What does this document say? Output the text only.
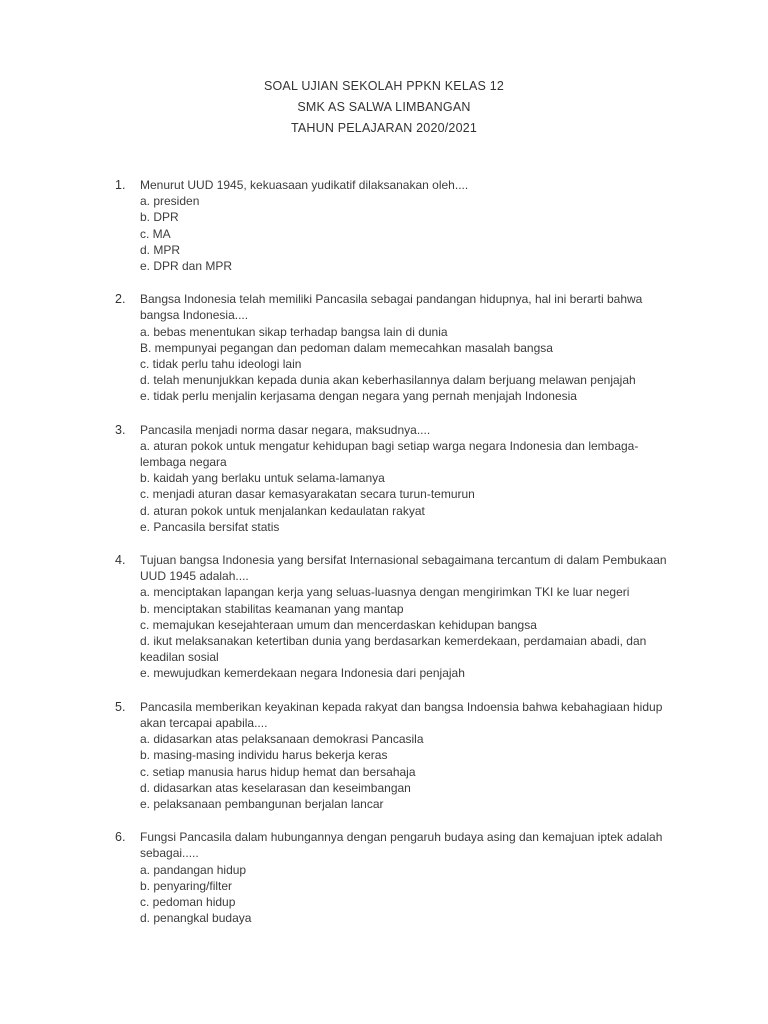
SOAL UJIAN SEKOLAH PPKN KELAS 12
SMK AS SALWA LIMBANGAN
TAHUN PELAJARAN 2020/2021
1. Menurut UUD 1945, kekuasaan yudikatif dilaksanakan oleh....
a. presiden
b. DPR
c. MA
d. MPR
e. DPR dan MPR
2. Bangsa Indonesia telah memiliki Pancasila sebagai pandangan hidupnya, hal ini berarti bahwa bangsa Indonesia....
a. bebas menentukan sikap terhadap bangsa lain di dunia
B. mempunyai pegangan dan pedoman dalam memecahkan masalah bangsa
c. tidak perlu tahu ideologi lain
d. telah menunjukkan kepada dunia akan keberhasilannya dalam berjuang melawan penjajah
e. tidak perlu menjalin kerjasama dengan negara yang pernah menjajah Indonesia
3. Pancasila menjadi norma dasar negara, maksudnya....
a. aturan pokok untuk mengatur kehidupan bagi setiap warga negara Indonesia dan lembaga-lembaga negara
b. kaidah yang berlaku untuk selama-lamanya
c. menjadi aturan dasar kemasyarakatan secara turun-temurun
d. aturan pokok untuk menjalankan kedaulatan rakyat
e. Pancasila bersifat statis
4. Tujuan bangsa Indonesia yang bersifat Internasional sebagaimana tercantum di dalam Pembukaan UUD 1945 adalah....
a. menciptakan lapangan kerja yang seluas-luasnya dengan mengirimkan TKI ke luar negeri
b. menciptakan stabilitas keamanan yang mantap
c. memajukan kesejahteraan umum dan mencerdaskan kehidupan bangsa
d. ikut melaksanakan ketertiban dunia yang berdasarkan kemerdekaan, perdamaian abadi, dan keadilan sosial
e. mewujudkan kemerdekaan negara Indonesia dari penjajah
5. Pancasila memberikan keyakinan kepada rakyat dan bangsa Indoensia bahwa kebahagiaan hidup akan tercapai apabila....
a. didasarkan atas pelaksanaan demokrasi Pancasila
b. masing-masing individu harus bekerja keras
c. setiap manusia harus hidup hemat dan bersahaja
d. didasarkan atas keselarasan dan keseimbangan
e. pelaksanaan pembangunan berjalan lancar
6. Fungsi Pancasila dalam hubungannya dengan pengaruh budaya asing dan kemajuan iptek adalah sebagai.....
a. pandangan hidup
b. penyaring/filter
c. pedoman hidup
d. penangkal budaya
